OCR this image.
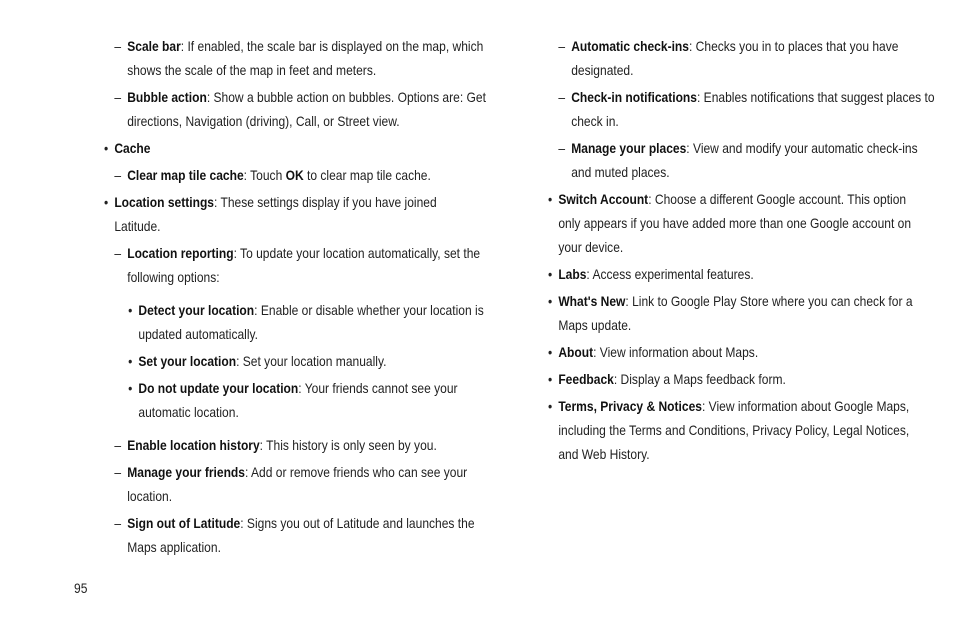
– Scale bar: If enabled, the scale bar is displayed on the map, which shows the scale of the map in feet and meters.
– Bubble action: Show a bubble action on bubbles. Options are: Get directions, Navigation (driving), Call, or Street view.
• Cache
– Clear map tile cache: Touch OK to clear map tile cache.
• Location settings: These settings display if you have joined Latitude.
– Location reporting: To update your location automatically, set the following options:
• Detect your location: Enable or disable whether your location is updated automatically.
• Set your location: Set your location manually.
• Do not update your location: Your friends cannot see your automatic location.
– Enable location history: This history is only seen by you.
– Manage your friends: Add or remove friends who can see your location.
– Sign out of Latitude: Signs you out of Latitude and launches the Maps application.
– Automatic check-ins: Checks you in to places that you have designated.
– Check-in notifications: Enables notifications that suggest places to check in.
– Manage your places: View and modify your automatic check-ins and muted places.
• Switch Account: Choose a different Google account. This option only appears if you have added more than one Google account on your device.
• Labs: Access experimental features.
• What's New: Link to Google Play Store where you can check for a Maps update.
• About: View information about Maps.
• Feedback: Display a Maps feedback form.
• Terms, Privacy & Notices: View information about Google Maps, including the Terms and Conditions, Privacy Policy, Legal Notices, and Web History.
95
